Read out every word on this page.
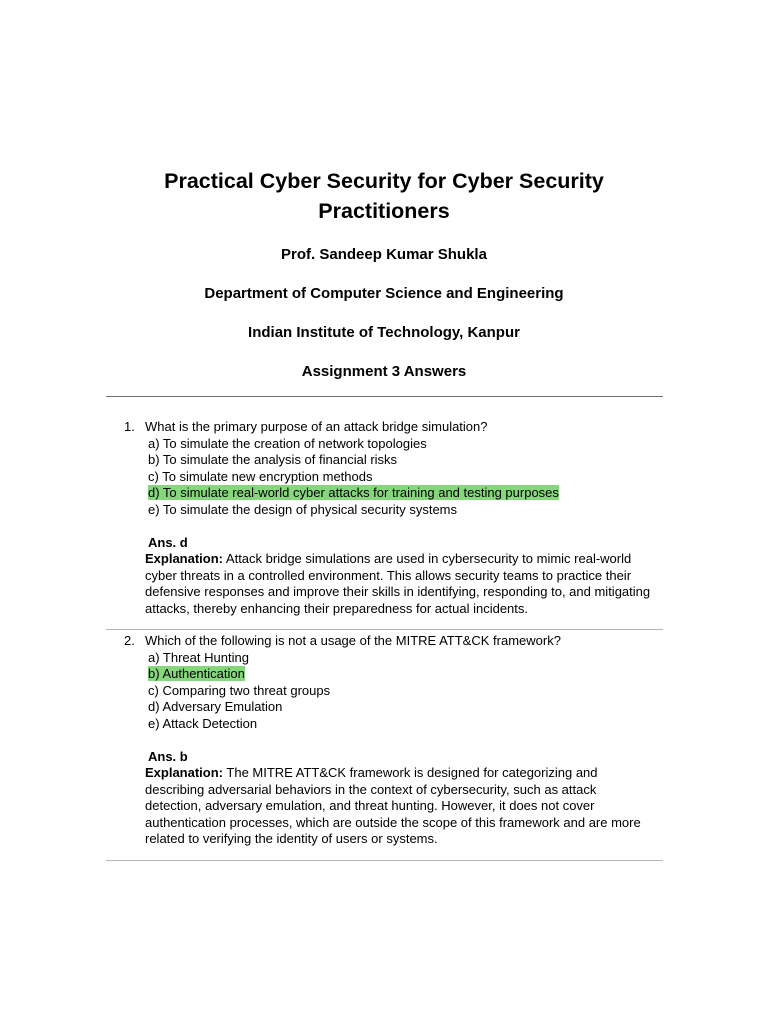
Practical Cyber Security for Cyber Security
Practitioners

Prof. Sandeep Kumar Shukla

Department of Computer Science and Engineering

Indian Institute of Technology, Kanpur

Assignment 3 Answers

1. What is the primary purpose of an attack bridge simulation?
a) To simulate the creation of network topologies
b) To simulate the analysis of financial risks
c) To simulate new encryption methods
d) To simulate real-world cyber attacks for training and testing purposes
e) To simulate the design of physical security systems
Ans. d
Explanation: Attack bridge simulations are used in cybersecurity to mimic real-world
cyber threats in a controlled environment. This allows security teams to practice their
defensive responses and improve their skills in identifying, responding to, and mitigating
attacks, thereby enhancing their preparedness for actual incidents.
2. Which of the following is not a usage of the MITRE ATT&CK framework?
a) Threat Hunting
b) Authentication
c) Comparing two threat groups
d) Adversary Emulation
e) Attack Detection
Ans. b
Explanation: The MITRE ATT&CK framework is designed for categorizing and
describing adversarial behaviors in the context of cybersecurity, such as attack
detection, adversary emulation, and threat hunting. However, it does not cover
authentication processes, which are outside the scope of this framework and are more
related to verifying the identity of users or systems.
